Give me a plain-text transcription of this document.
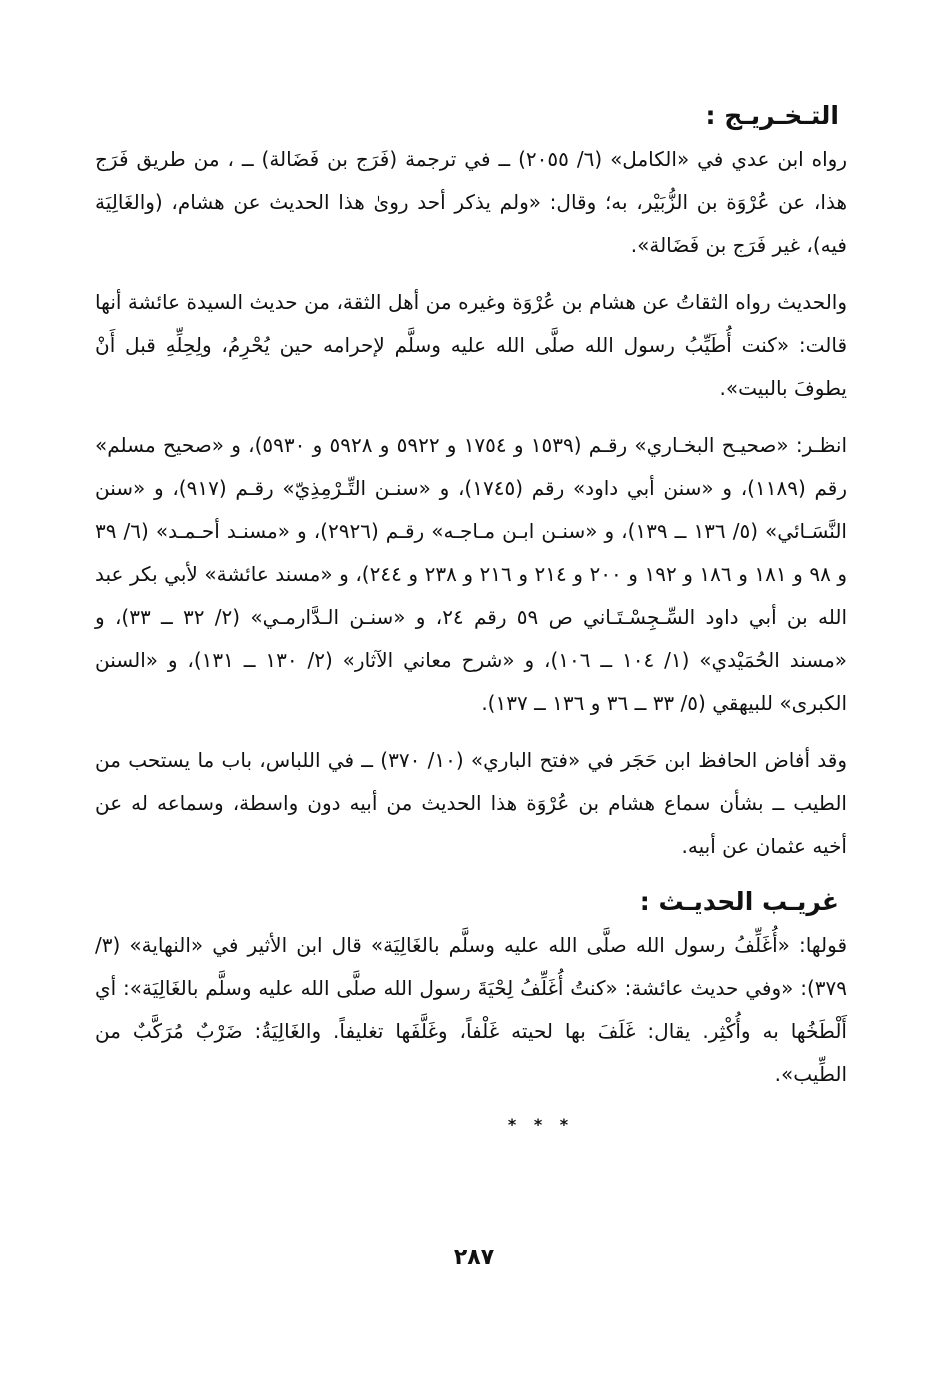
التـخـريـج :

رواه ابن عدي في «الكامل» (٦/ ٢٠٥٥) ــ في ترجمة (فَرَج بن فَضَالة) ــ ، من طريق فَرَج هذا، عن عُرْوَة بن الزُّبَيْر، به؛ وقال: «ولم يذكر أحد روىٰ هذا الحديث عن هشام، (والغَالِيَة فيه)، غير فَرَج بن فَضَالة».

والحديث رواه الثقاتُ عن هشام بن عُرْوَة وغيره من أهل الثقة، من حديث السيدة عائشة أنها قالت: «كنت أُطَيِّبُ رسول الله صلَّى الله عليه وسلَّم لإحرامه حين يُحْرِمُ، ولِحِلِّهِ قبل أَنْ يطوفَ بالبيت».

انظـر: «صحيـح البخـاري» رقـم (١٥٣٩ و ١٧٥٤ و ٥٩٢٢ و ٥٩٢٨ و ٥٩٣٠)، و «صحيح مسلم» رقم (١١٨٩)، و «سنن أبي داود» رقم (١٧٤٥)، و «سنـن التِّـرْمِذِيّ» رقـم (٩١٧)، و «سنن النَّسَـائي» (٥/ ١٣٦ ــ ١٣٩)، و «سنـن ابـن مـاجـه» رقـم (٢٩٢٦)، و «مسنـد أحـمـد» (٦/ ٣٩ و ٩٨ و ١٨١ و ١٨٦ و ١٩٢ و ٢٠٠ و ٢١٤ و ٢١٦ و ٢٣٨ و ٢٤٤)، و «مسند عائشة» لأبي بكر عبد الله بن أبي داود السِّـجِسْـتَـاني ص ٥٩ رقم ٢٤، و «سنـن الـدَّارمـي» (٢/ ٣٢ ــ ٣٣)، و «مسند الحُمَيْدي» (١/ ١٠٤ ــ ١٠٦)، و «شرح معاني الآثار» (٢/ ١٣٠ ــ ١٣١)، و «السنن الكبرى» للبيهقي (٥/ ٣٣ ــ ٣٦ و ١٣٦ ــ ١٣٧).

وقد أفاض الحافظ ابن حَجَر في «فتح الباري» (١٠/ ٣٧٠) ــ في اللباس، باب ما يستحب من الطيب ــ بشأن سماع هشام بن عُرْوَة هذا الحديث من أبيه دون واسطة، وسماعه له عن أخيه عثمان عن أبيه.

غريـب الحديـث :

قولها: «أُغَلِّفُ رسول الله صلَّى الله عليه وسلَّم بالغَالِيَة» قال ابن الأثير في «النهاية» (٣/ ٣٧٩): «وفي حديث عائشة: «كنتُ أُغَلِّفُ لِحْيَةَ رسول الله صلَّى الله عليه وسلَّم بالغَالِيَة»: أي أَلْطَخُها به وأُكْثِر. يقال: غَلَفَ بها لحيته غَلْفاً، وغَلَّفَها تغليفاً. والغَالِيَةُ: ضَرْبٌ مُرَكَّبٌ من الطِّيب».

* * *
٢٨٧
